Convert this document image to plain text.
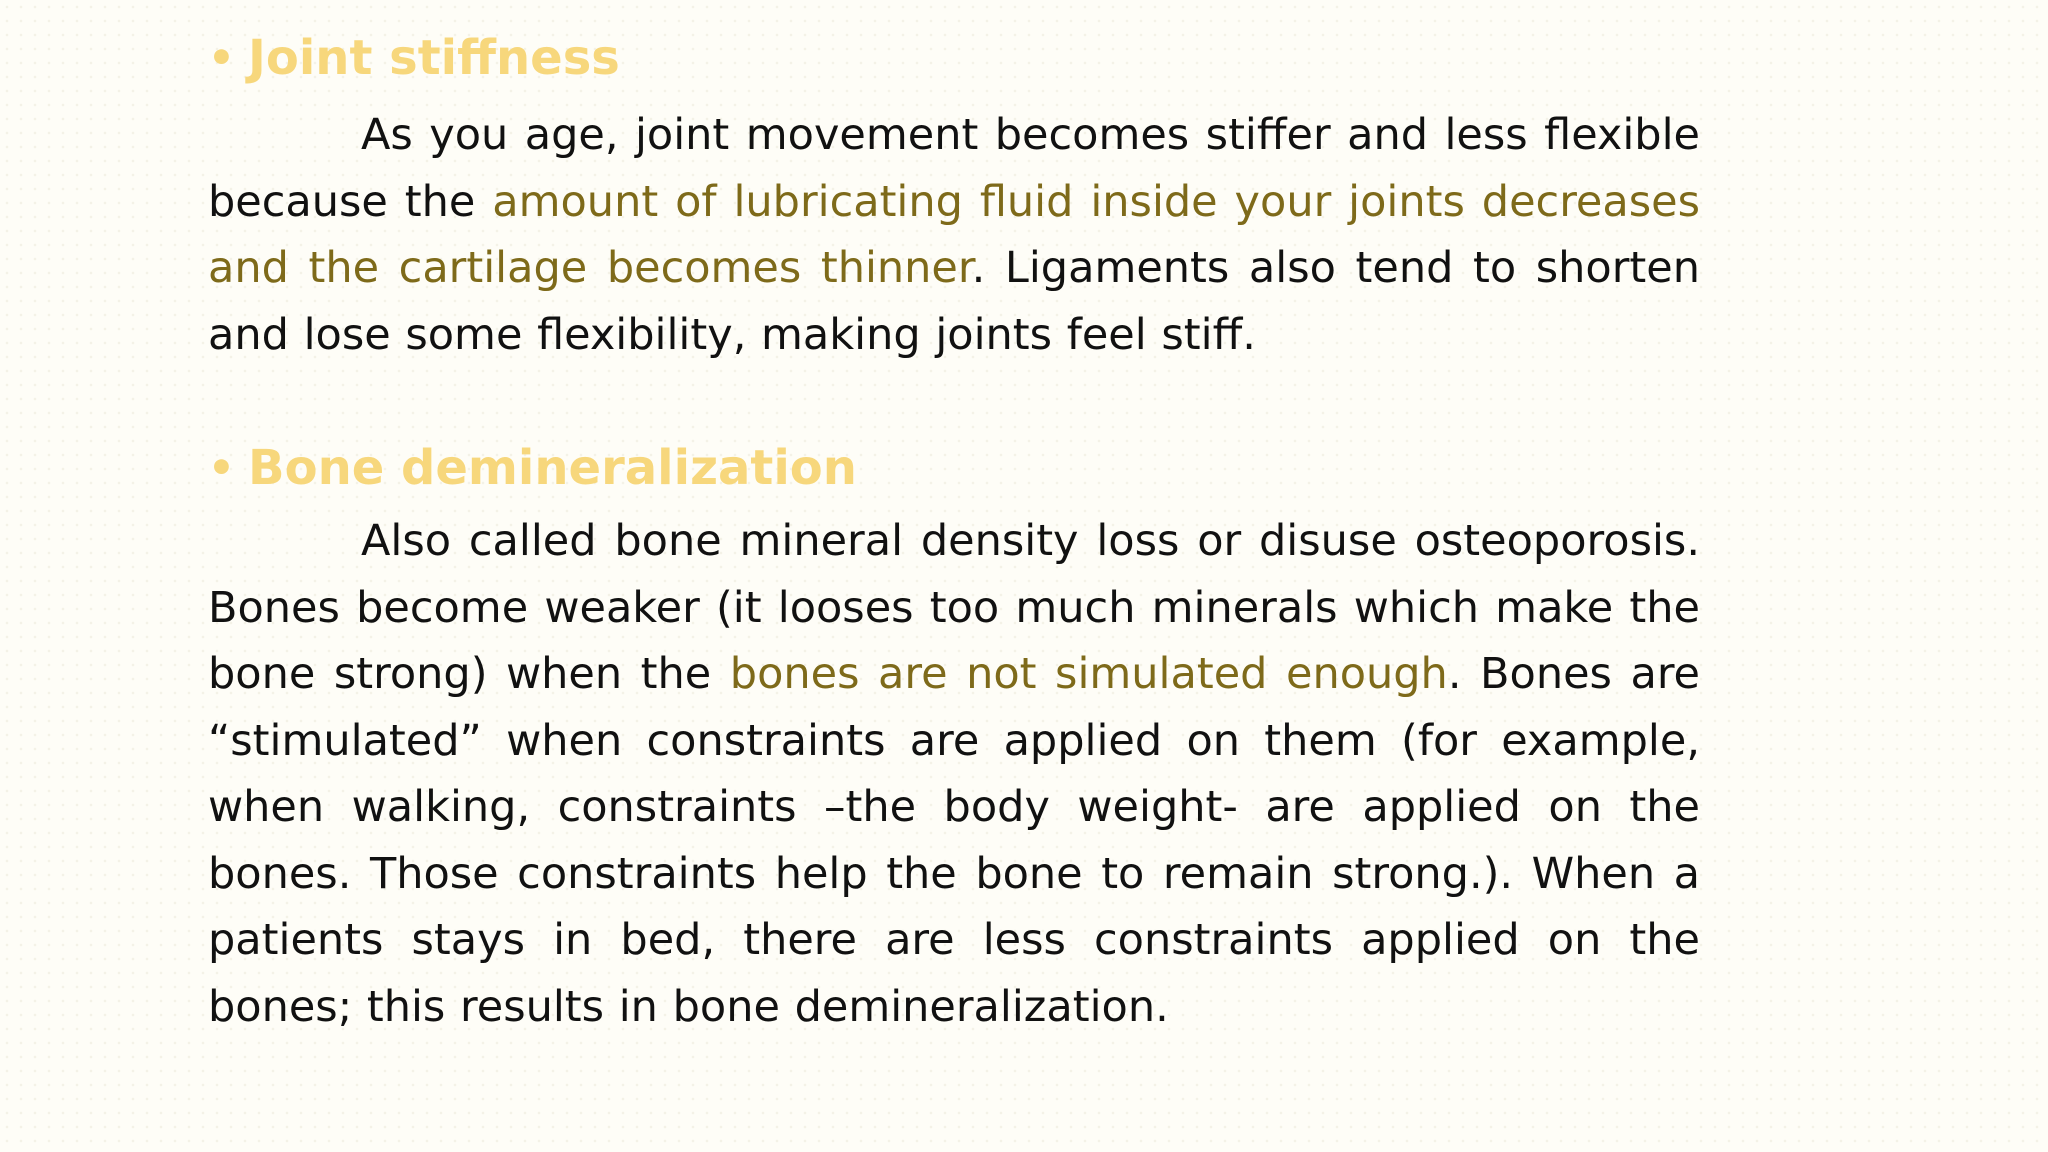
• Joint stiffness

As you age, joint movement becomes stiffer and less flexible because the amount of lubricating fluid inside your joints decreases and the cartilage becomes thinner. Ligaments also tend to shorten and lose some flexibility, making joints feel stiff.

• Bone demineralization

Also called bone mineral density loss or disuse osteoporosis. Bones become weaker (it looses too much minerals which make the bone strong) when the bones are not simulated enough. Bones are “stimulated” when constraints are applied on them (for example, when walking, constraints –the body weight- are applied on the bones. Those constraints help the bone to remain strong.). When a patients stays in bed, there are less constraints applied on the bones; this results in bone demineralization.
